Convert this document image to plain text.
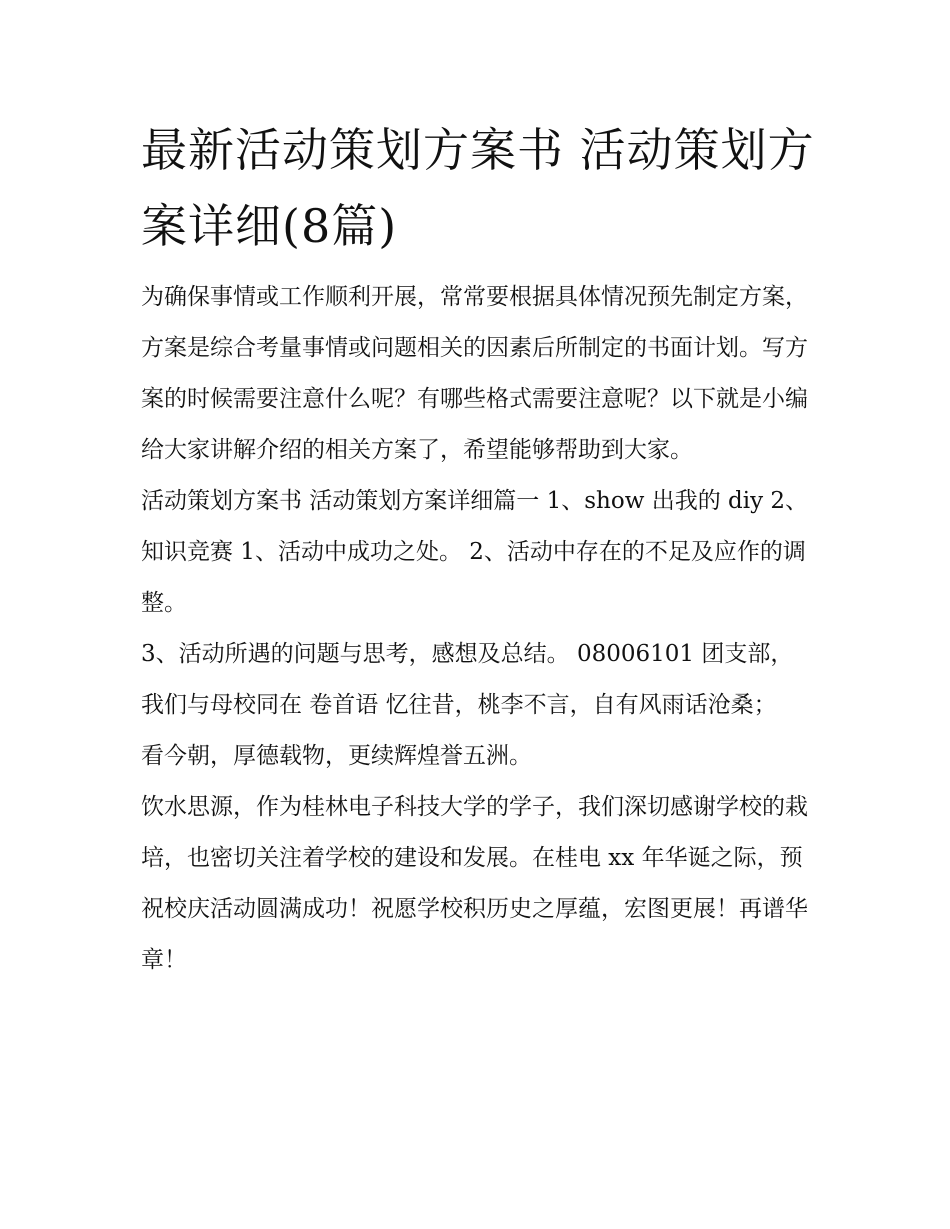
最新活动策划方案书 活动策划方案详细(8篇)

为确保事情或工作顺利开展，常常要根据具体情况预先制定方案，方案是综合考量事情或问题相关的因素后所制定的书面计划。写方案的时候需要注意什么呢？有哪些格式需要注意呢？以下就是小编给大家讲解介绍的相关方案了，希望能够帮助到大家。

活动策划方案书 活动策划方案详细篇一 1、show 出我的 diy 2、知识竞赛 1、活动中成功之处。 2、活动中存在的不足及应作的调整。

3、活动所遇的问题与思考，感想及总结。 08006101 团支部，我们与母校同在 卷首语 忆往昔，桃李不言，自有风雨话沧桑；

看今朝，厚德载物，更续辉煌誉五洲。

饮水思源，作为桂林电子科技大学的学子，我们深切感谢学校的栽培，也密切关注着学校的建设和发展。在桂电 xx 年华诞之际，预祝校庆活动圆满成功！祝愿学校积历史之厚蕴，宏图更展！再谱华章！
